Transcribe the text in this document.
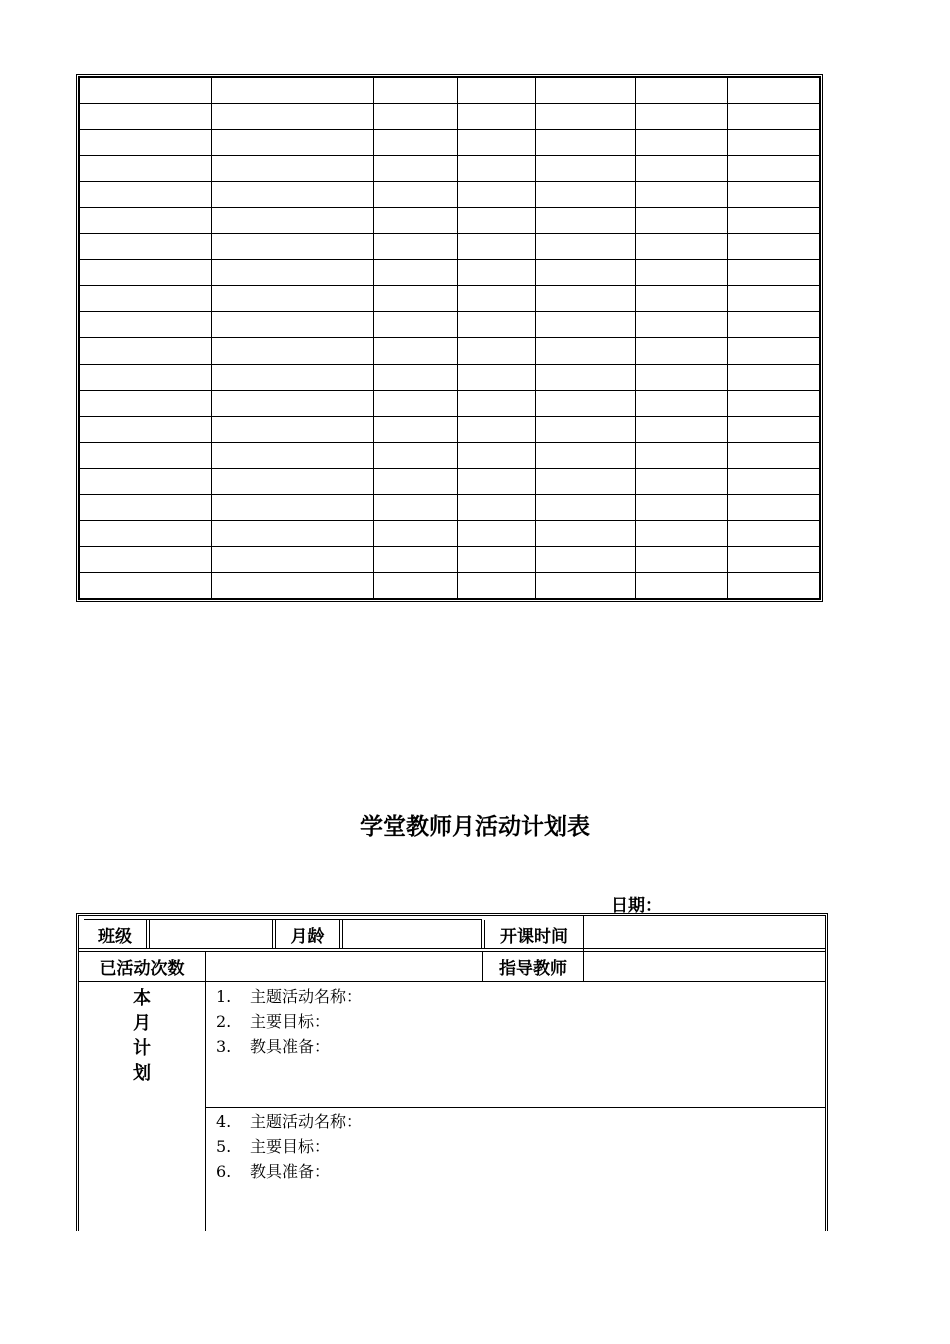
学堂教师月活动计划表
日期：
班级	月龄	开课时间
已活动次数	指导教师
本
月
计
划
1.	主题活动名称：
2.	主要目标：
3.	教具准备：
4.	主题活动名称：
5.	主要目标：
6.	教具准备：
